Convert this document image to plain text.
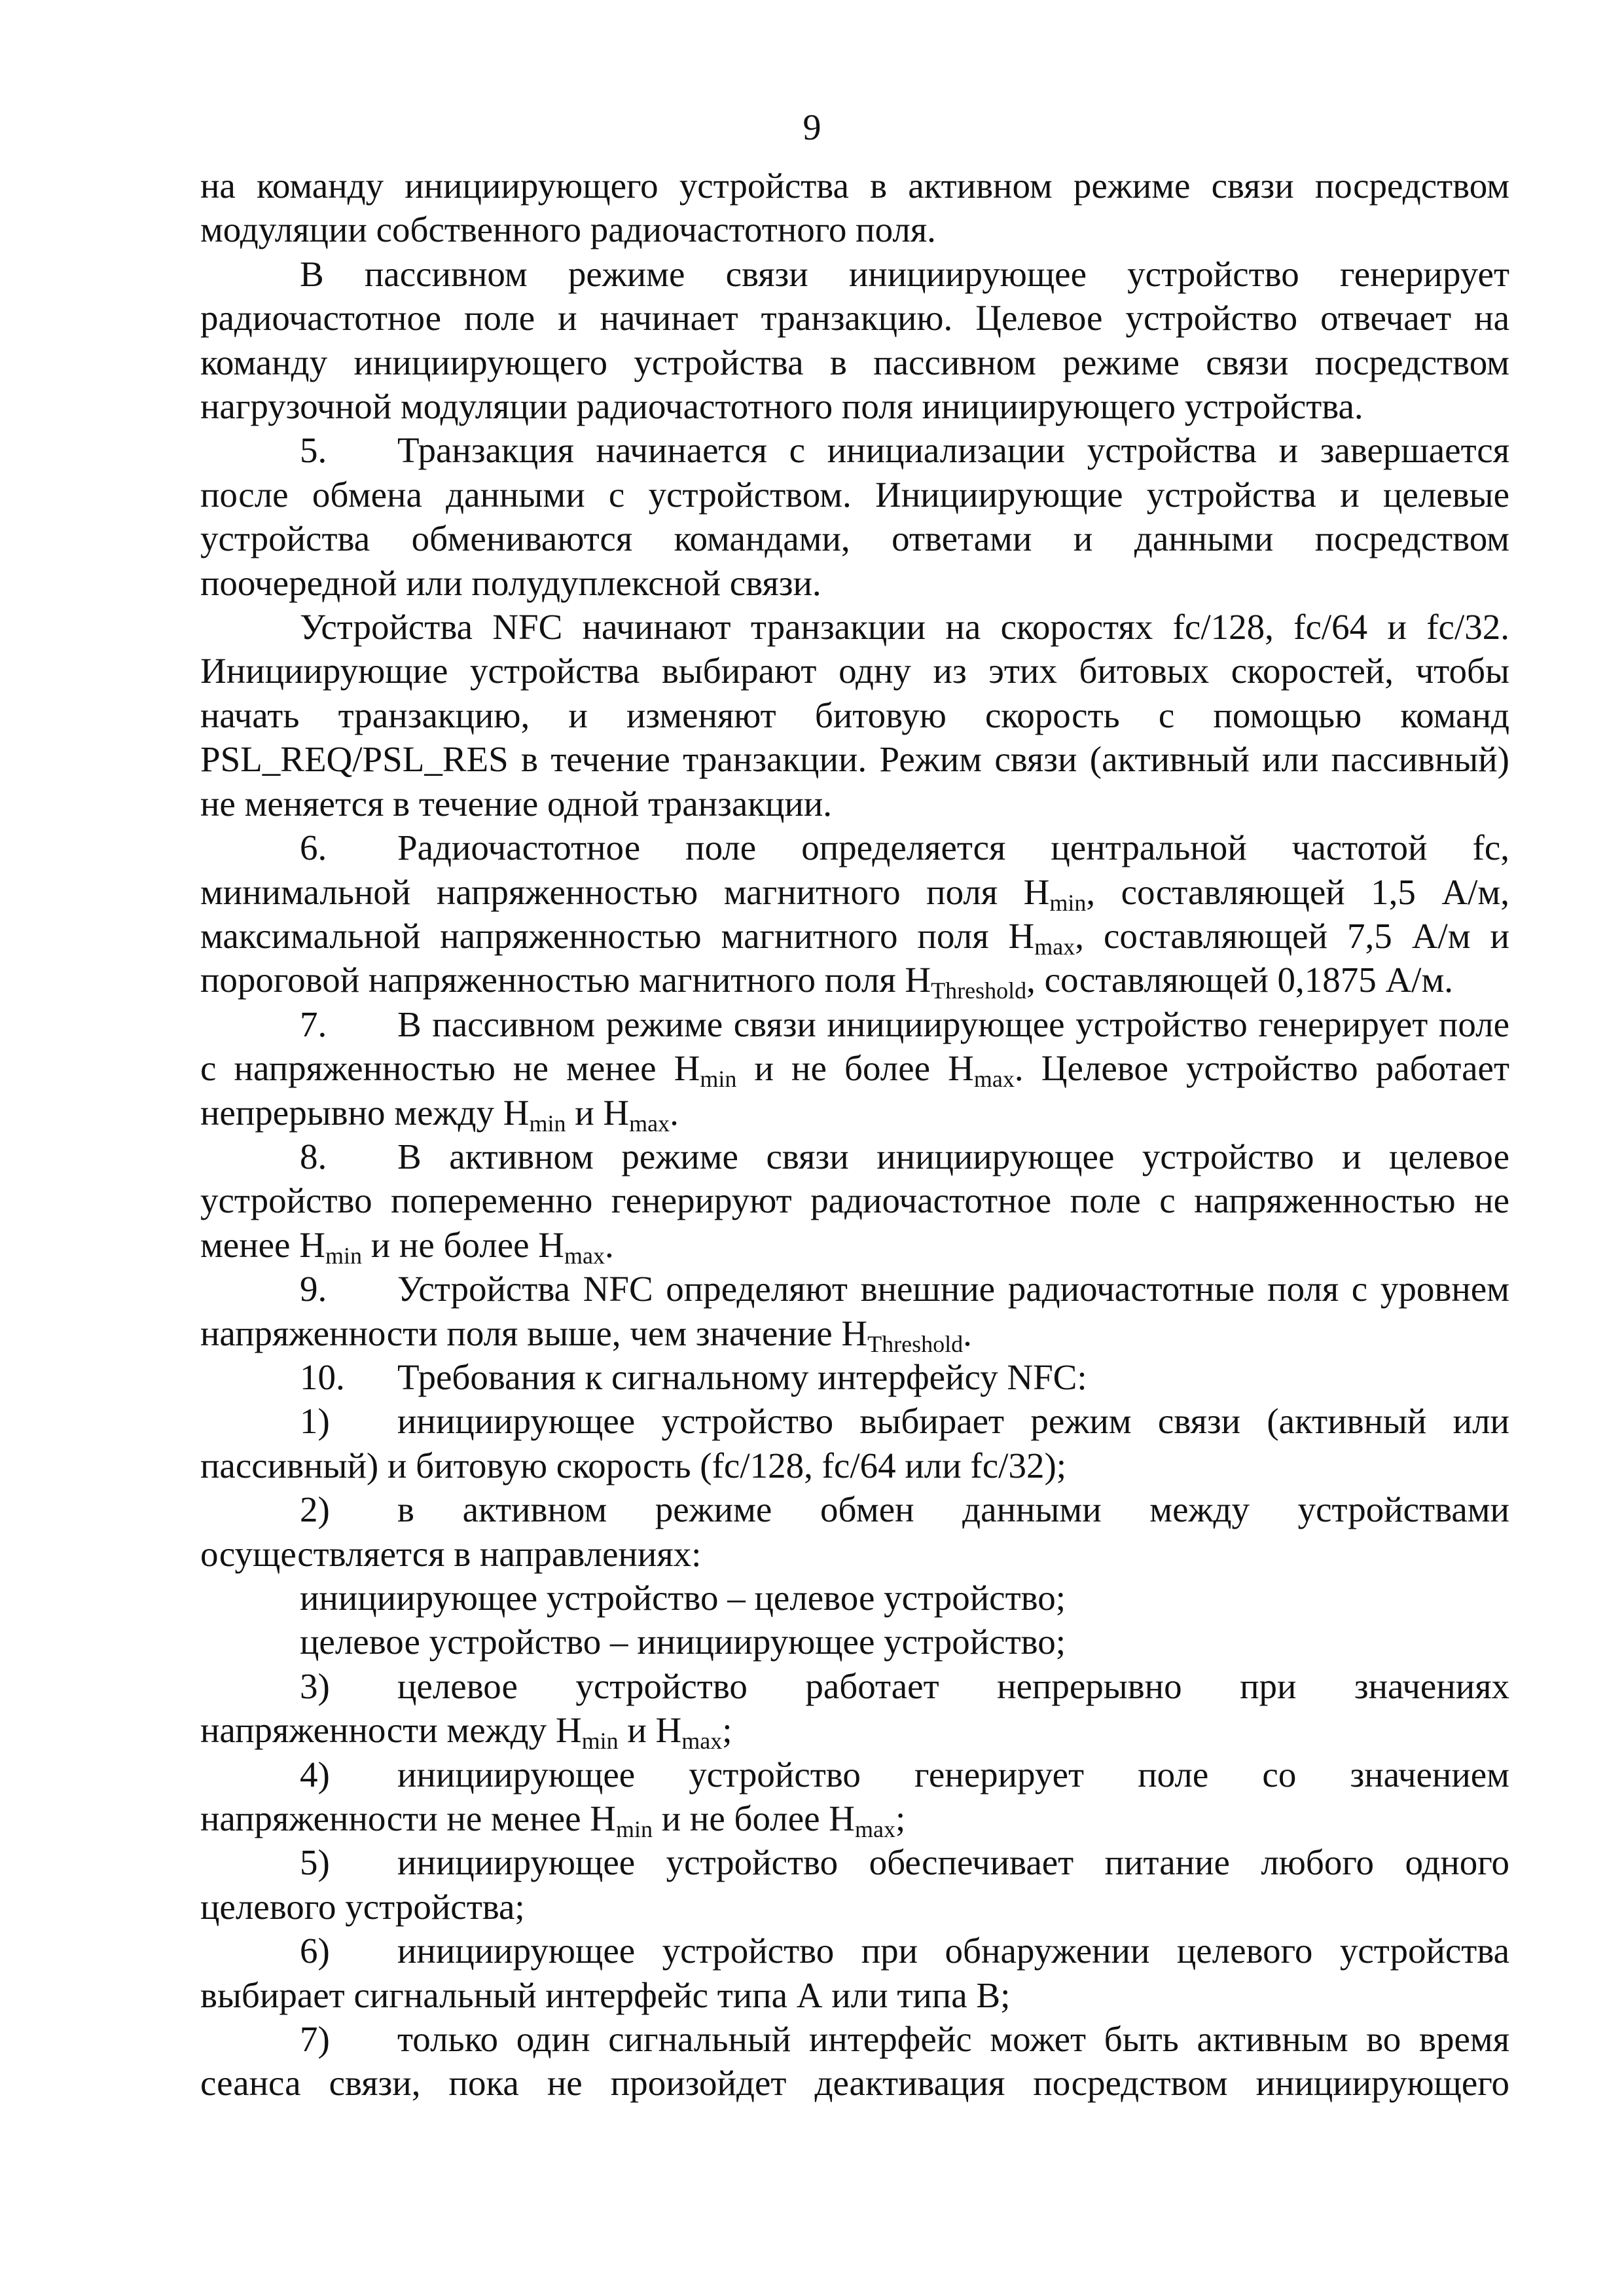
9

на команду инициирующего устройства в активном режиме связи посредством

модуляции собственного радиочастотного поля.

В пассивном режиме связи инициирующее устройство генерирует радиочастотное поле и начинает транзакцию. Целевое устройство отвечает на команду инициирующего устройства в пассивном режиме связи посредством нагрузочной модуляции радиочастотного поля инициирующего устройства.

5. Транзакция начинается с инициализации устройства и завершается после обмена данными с устройством. Инициирующие устройства и целевые устройства обмениваются командами, ответами и данными посредством поочередной или полудуплексной связи.

Устройства NFC начинают транзакции на скоростях fc/128, fc/64 и fc/32. Инициирующие устройства выбирают одну из этих битовых скоростей, чтобы начать транзакцию, и изменяют битовую скорость с помощью команд PSL_REQ/PSL_RES в течение транзакции. Режим связи (активный или пассивный) не меняется в течение одной транзакции.

6. Радиочастотное поле определяется центральной частотой fc, минимальной напряженностью магнитного поля $H_{min}$, составляющей 1,5 А/м, максимальной напряженностью магнитного поля $H_{max}$, составляющей 7,5 А/м и пороговой напряженностью магнитного поля $H_{Threshold}$, составляющей 0,1875 А/м.

7. В пассивном режиме связи инициирующее устройство генерирует поле с напряженностью не менее $H_{min}$ и не более $H_{max}$. Целевое устройство работает непрерывно между $H_{min}$ и $H_{max}$.

8. В активном режиме связи инициирующее устройство и целевое устройство попеременно генерируют радиочастотное поле с напряженностью не менее $H_{min}$ и не более $H_{max}$.

9. Устройства NFC определяют внешние радиочастотные поля с уровнем напряженности поля выше, чем значение $H_{Threshold}$.

10. Требования к сигнальному интерфейсу NFC:

1) инициирующее устройство выбирает режим связи (активный или пассивный) и битовую скорость (fc/128, fc/64 или fc/32);

2) в активном режиме обмен данными между устройствами осуществляется в направлениях:

инициирующее устройство – целевое устройство;

целевое устройство – инициирующее устройство;

3) целевое устройство работает непрерывно при значениях напряженности между $H_{min}$ и $H_{max}$;

4) инициирующее устройство генерирует поле со значением напряженности не менее $H_{min}$ и не более $H_{max}$;

5) инициирующее устройство обеспечивает питание любого одного целевого устройства;

6) инициирующее устройство при обнаружении целевого устройства выбирает сигнальный интерфейс типа А или типа В;

7) только один сигнальный интерфейс может быть активным во время

сеанса связи, пока не произойдет деактивация посредством инициирующего
